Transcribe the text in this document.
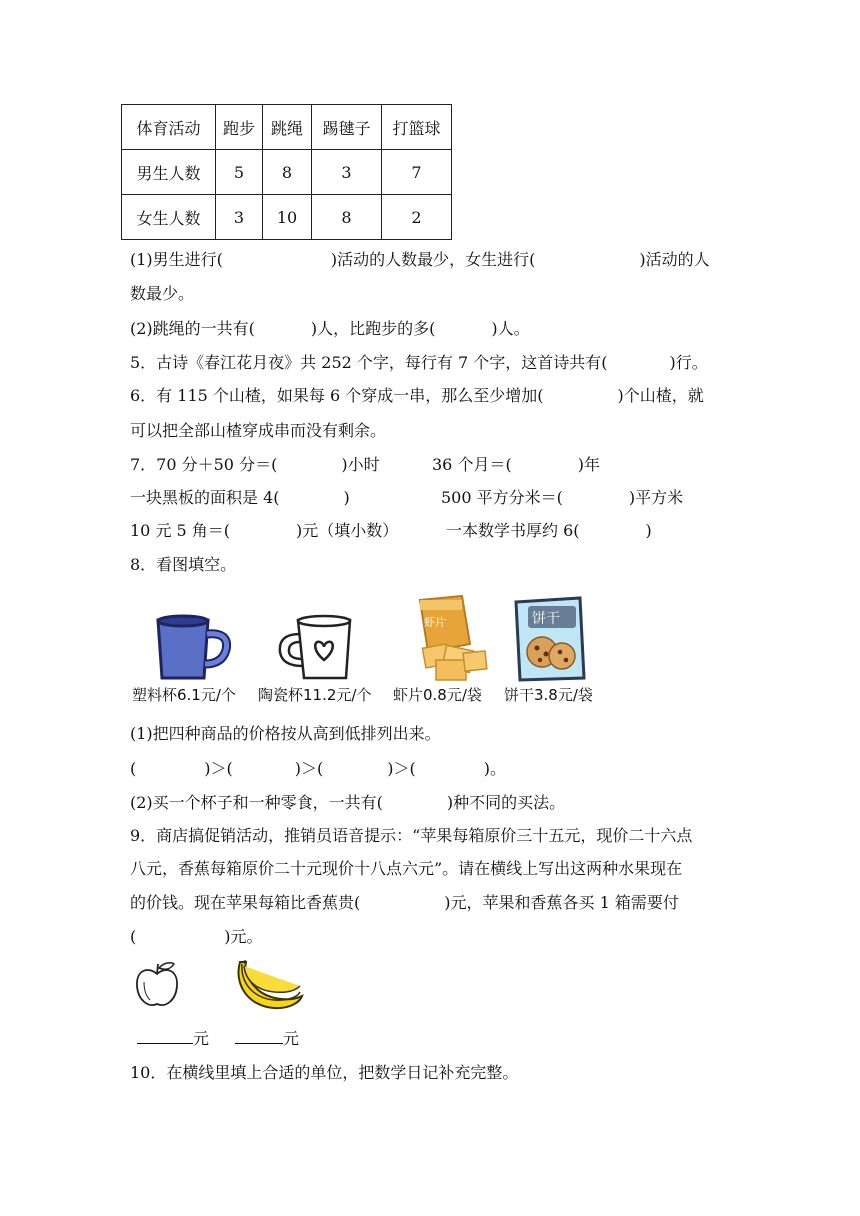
体育活动	跑步	跳绳	踢毽子	打篮球
男生人数	5	8	3	7
女生人数	3	10	8	2
(1)男生进行(	)活动的人数最少，女生进行(	)活动的人
数最少。
(2)跳绳的一共有(	)人，比跑步的多(	)人。
5．古诗《春江花月夜》共 252 个字，每行有 7 个字，这首诗共有(	)行。
6．有 115 个山楂，如果每 6 个穿成一串，那么至少增加(	)个山楂，就
可以把全部山楂穿成串而没有剩余。
7．70 分＋50 分＝(	)小时	36 个月＝(	)年
一块黑板的面积是 4(	)	500 平方分米＝(	)平方米
10 元 5 角＝(	)元（填小数）	一本数学书厚约 6(	)
8．看图填空。
虾片	饼干
塑料杯6.1元/个 陶瓷杯11.2元/个 虾片0.8元/袋 饼干3.8元/袋
(1)把四种商品的价格按从高到低排列出来。
(	)＞(	)＞(	)＞(	)。
(2)买一个杯子和一种零食，一共有(	)种不同的买法。
9．商店搞促销活动，推销员语音提示：“苹果每箱原价三十五元，现价二十六点
八元，香蕉每箱原价二十元现价十八点六元”。请在横线上写出这两种水果现在
的价钱。现在苹果每箱比香蕉贵(	)元，苹果和香蕉各买 1 箱需要付
(	)元。
元	元
10．在横线里填上合适的单位，把数学日记补充完整。
